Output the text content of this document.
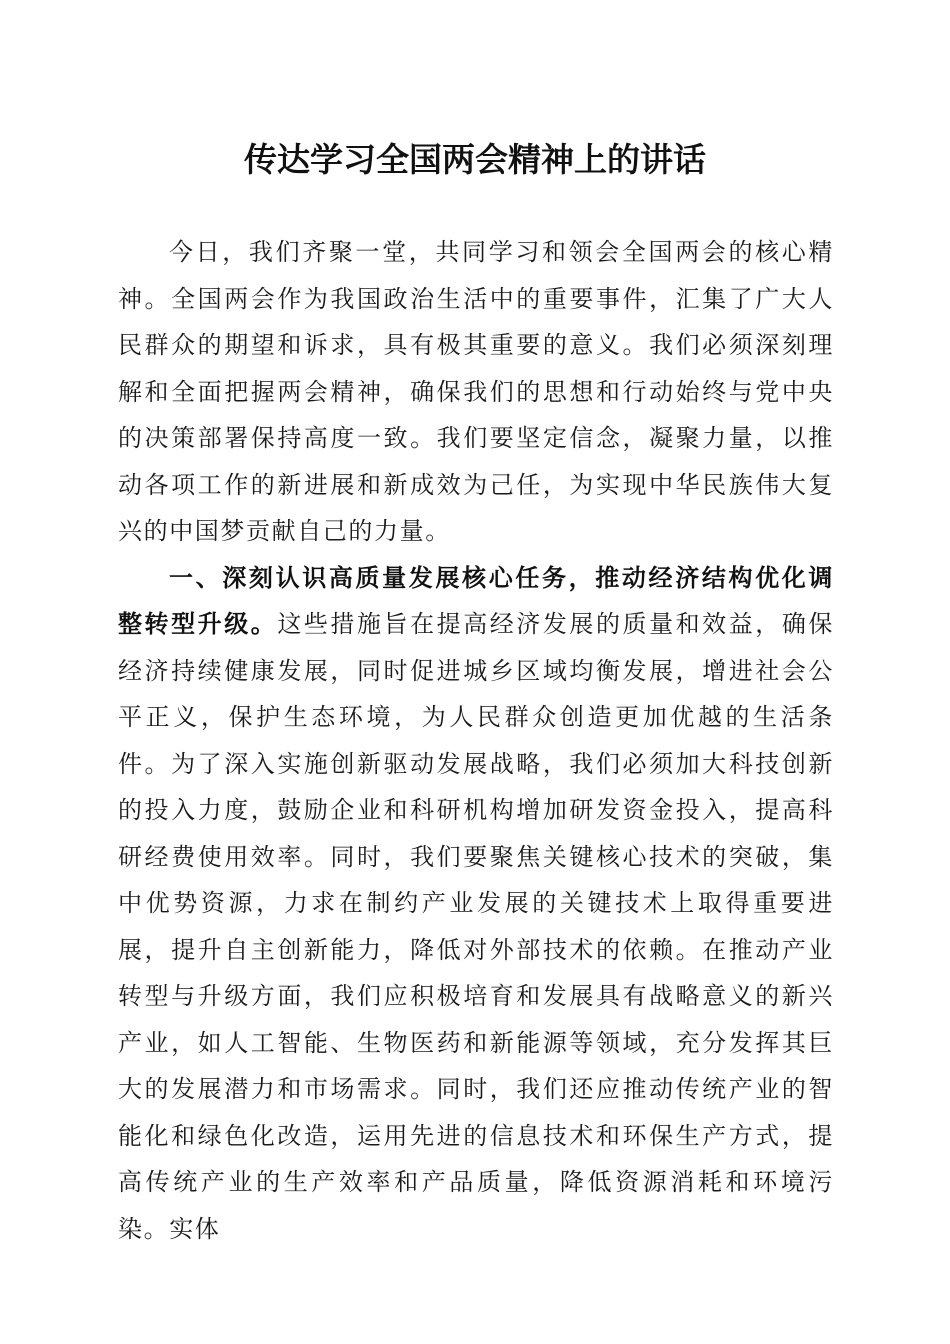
传达学习全国两会精神上的讲话

今日，我们齐聚一堂，共同学习和领会全国两会的核心精神。全国两会作为我国政治生活中的重要事件，汇集了广大人民群众的期望和诉求，具有极其重要的意义。我们必须深刻理解和全面把握两会精神，确保我们的思想和行动始终与党中央的决策部署保持高度一致。我们要坚定信念，凝聚力量，以推动各项工作的新进展和新成效为己任，为实现中华民族伟大复兴的中国梦贡献自己的力量。

一、深刻认识高质量发展核心任务，推动经济结构优化调整转型升级。这些措施旨在提高经济发展的质量和效益，确保经济持续健康发展，同时促进城乡区域均衡发展，增进社会公平正义，保护生态环境，为人民群众创造更加优越的生活条件。为了深入实施创新驱动发展战略，我们必须加大科技创新的投入力度，鼓励企业和科研机构增加研发资金投入，提高科研经费使用效率。同时，我们要聚焦关键核心技术的突破，集中优势资源，力求在制约产业发展的关键技术上取得重要进展，提升自主创新能力，降低对外部技术的依赖。在推动产业转型与升级方面，我们应积极培育和发展具有战略意义的新兴产业，如人工智能、生物医药和新能源等领域，充分发挥其巨大的发展潜力和市场需求。同时，我们还应推动传统产业的智能化和绿色化改造，运用先进的信息技术和环保生产方式，提高传统产业的生产效率和产品质量，降低资源消耗和环境污染。实体
